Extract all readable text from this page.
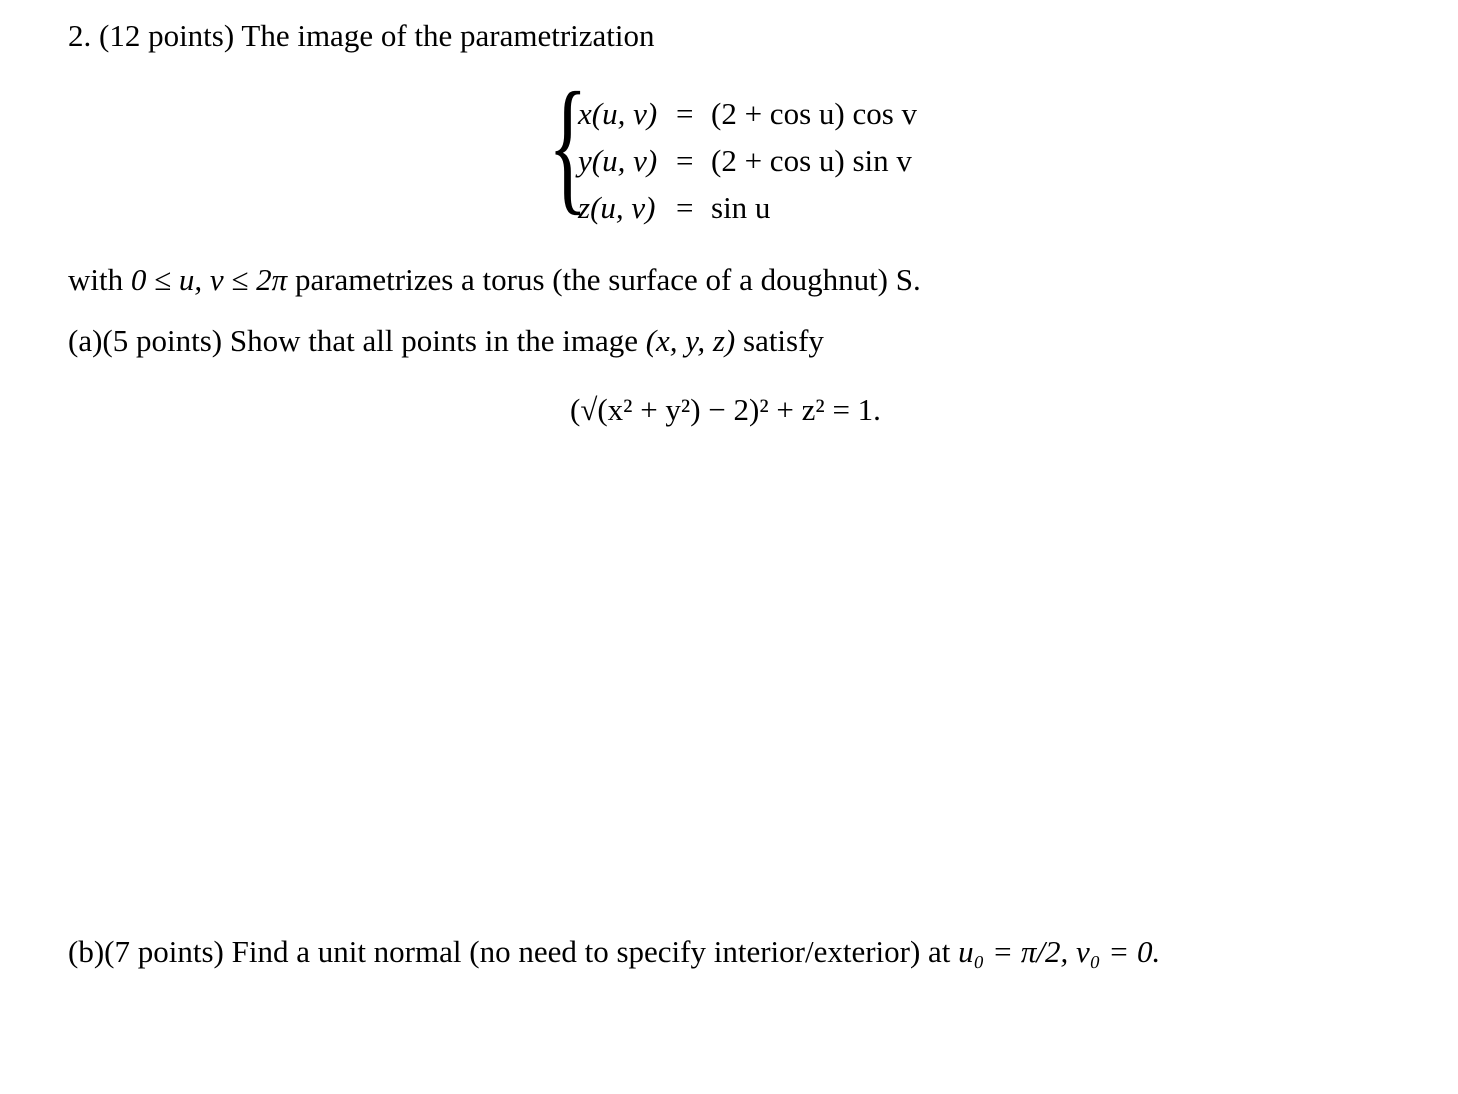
2. (12 points) The image of the parametrization
{
x(u, v) = (2 + cos u) cos v
y(u, v) = (2 + cos u) sin v
z(u, v) = sin u
with 0 ≤ u, v ≤ 2π parametrizes a torus (the surface of a doughnut) S.
(a)(5 points) Show that all points in the image (x, y, z) satisfy
(√(x² + y²) − 2)² + z² = 1.
(b)(7 points) Find a unit normal (no need to specify interior/exterior) at u₀ = π/2, v₀ = 0.
